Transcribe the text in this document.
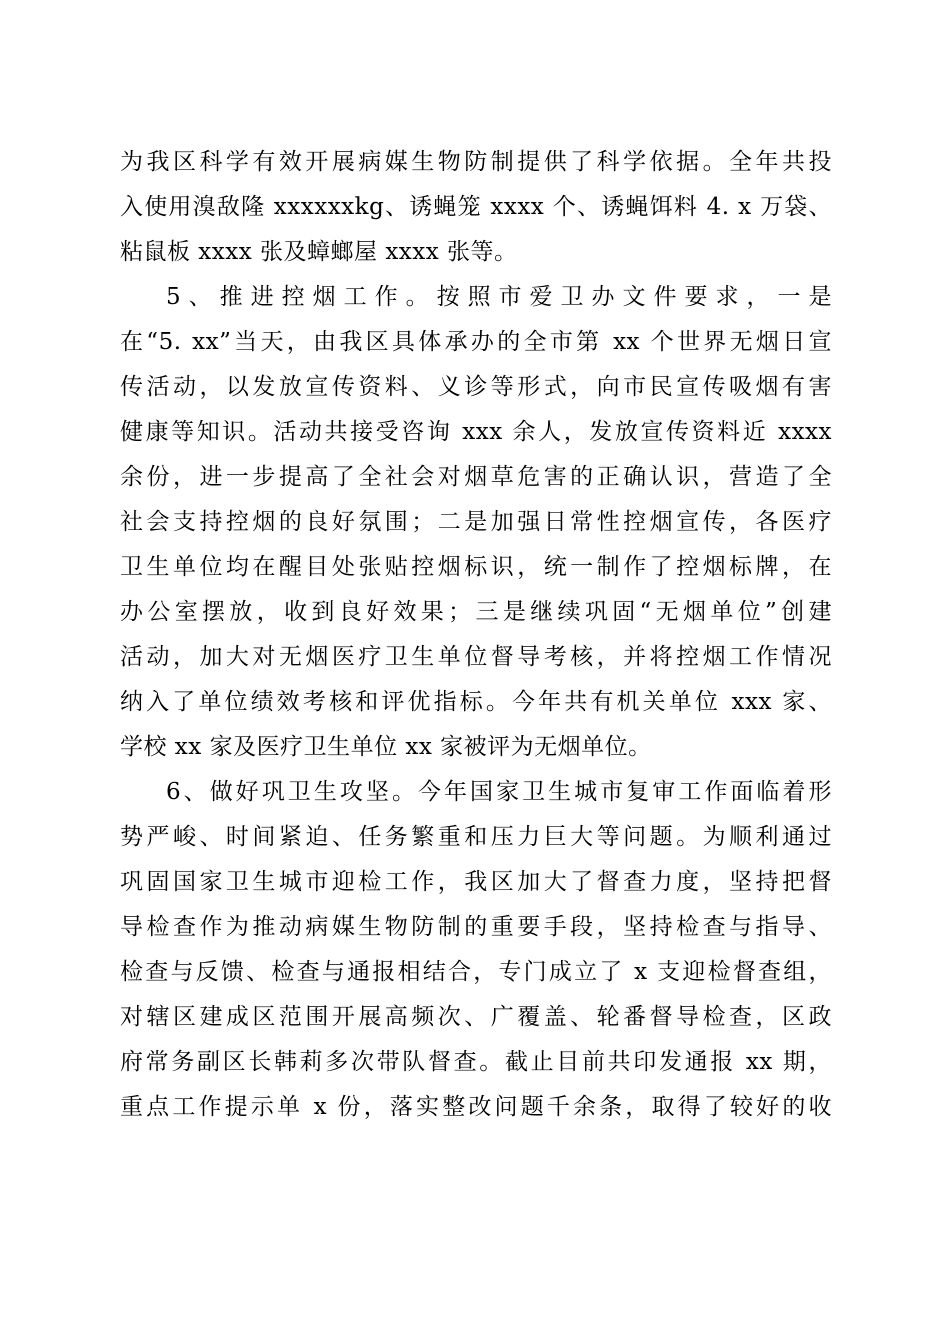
为我区科学有效开展病媒生物防制提供了科学依据。全年共投
入使用溴敌隆 xxxxxxkg、诱蝇笼 xxxx 个、诱蝇饵料 4. x 万袋、
粘鼠板 xxxx 张及蟑螂屋 xxxx 张等。
5、推进控烟工作。按照市爱卫办文件要求，一是
在“5. xx”当天，由我区具体承办的全市第 xx 个世界无烟日宣
传活动，以发放宣传资料、义诊等形式，向市民宣传吸烟有害
健康等知识。活动共接受咨询 xxx 余人，发放宣传资料近 xxxx
余份，进一步提高了全社会对烟草危害的正确认识，营造了全
社会支持控烟的良好氛围；二是加强日常性控烟宣传，各医疗
卫生单位均在醒目处张贴控烟标识，统一制作了控烟标牌，在
办公室摆放，收到良好效果；三是继续巩固“无烟单位”创建
活动，加大对无烟医疗卫生单位督导考核，并将控烟工作情况
纳入了单位绩效考核和评优指标。今年共有机关单位 xxx 家、
学校 xx 家及医疗卫生单位 xx 家被评为无烟单位。
6、做好巩卫生攻坚。今年国家卫生城市复审工作面临着形
势严峻、时间紧迫、任务繁重和压力巨大等问题。为顺利通过
巩固国家卫生城市迎检工作，我区加大了督查力度，坚持把督
导检查作为推动病媒生物防制的重要手段，坚持检查与指导、
检查与反馈、检查与通报相结合，专门成立了 x 支迎检督查组，
对辖区建成区范围开展高频次、广覆盖、轮番督导检查，区政
府常务副区长韩莉多次带队督查。截止目前共印发通报 xx 期，
重点工作提示单 x 份，落实整改问题千余条，取得了较好的收
